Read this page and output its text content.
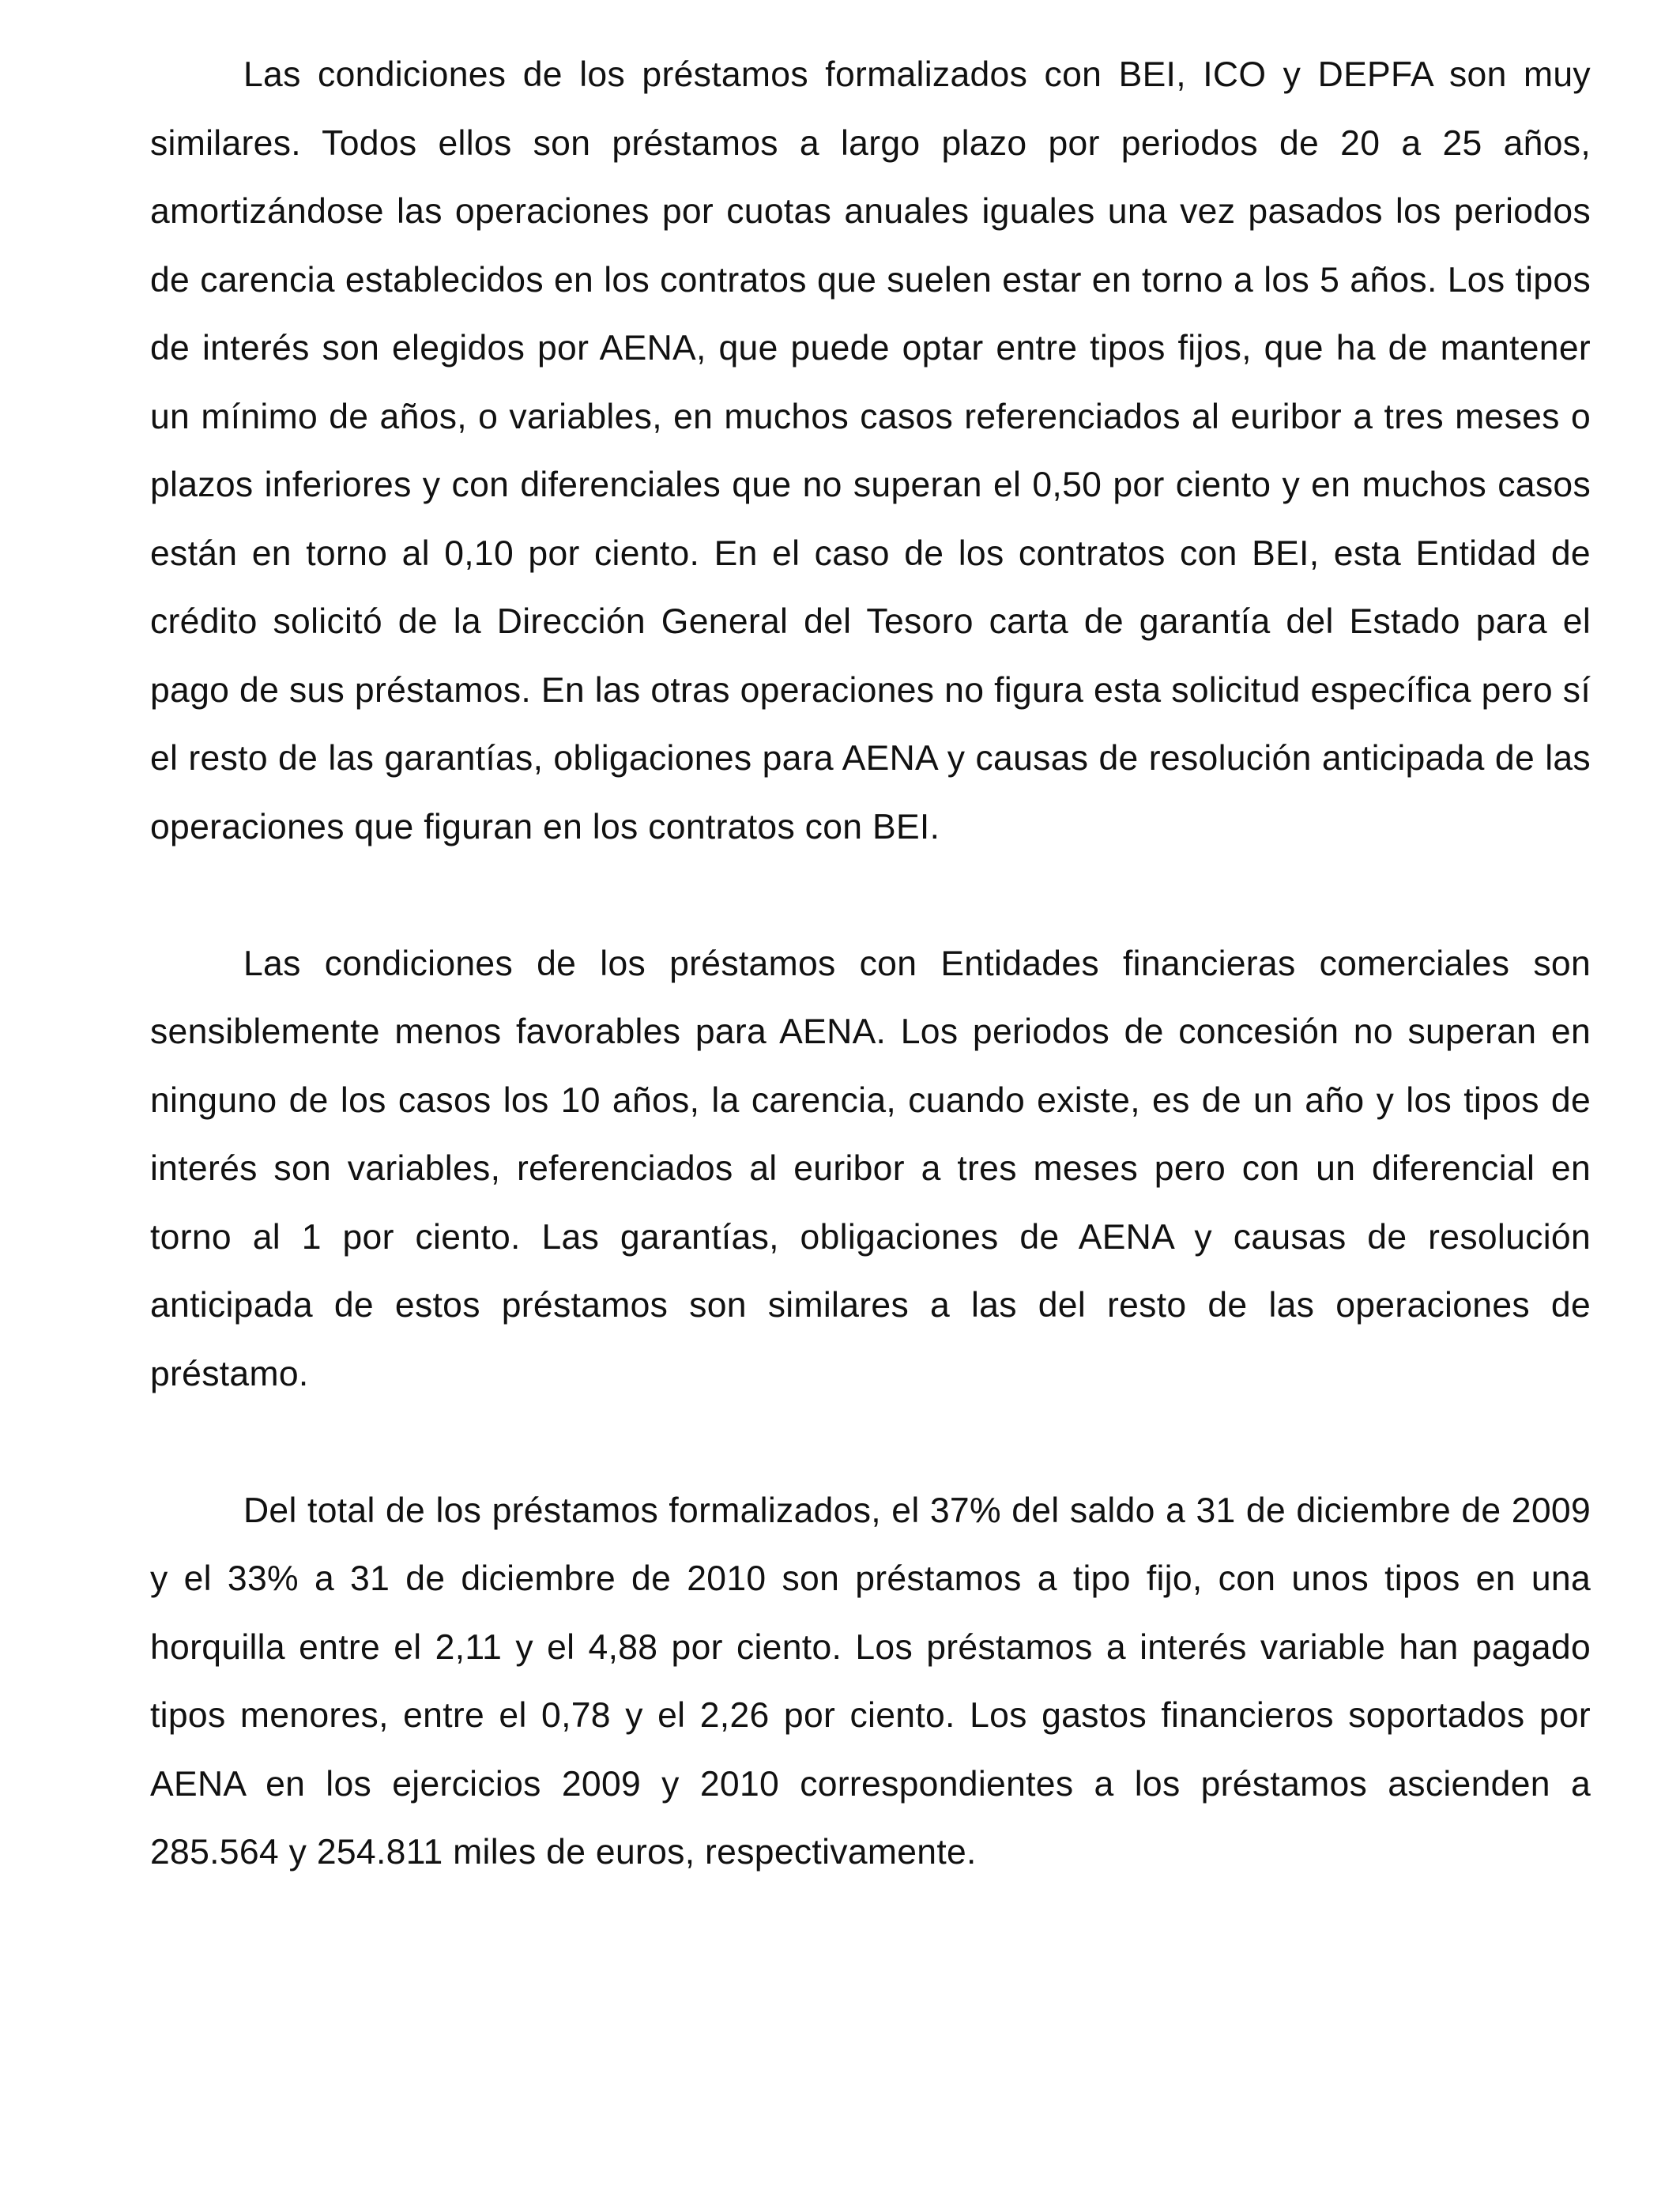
Las condiciones de los préstamos formalizados con BEI, ICO y DEPFA son muy similares. Todos ellos son préstamos a largo plazo por periodos de 20 a 25 años, amortizándose las operaciones por cuotas anuales iguales una vez pasados los periodos de carencia establecidos en los contratos que suelen estar en torno a los 5 años. Los tipos de interés son elegidos por AENA, que puede optar entre tipos fijos, que ha de mantener un mínimo de años, o variables, en muchos casos referenciados al euribor a tres meses o plazos inferiores y con diferenciales que no superan el 0,50 por ciento y en muchos casos están en torno al 0,10 por ciento. En el caso de los contratos con BEI, esta Entidad de crédito solicitó de la Dirección General del Tesoro carta de garantía del Estado para el pago de sus préstamos. En las otras operaciones no figura esta solicitud específica pero sí el resto de las garantías, obligaciones para AENA y causas de resolución anticipada de las operaciones que figuran en los contratos con BEI.

Las condiciones de los préstamos con Entidades financieras comerciales son sensiblemente menos favorables para AENA. Los periodos de concesión no superan en ninguno de los casos los 10 años, la carencia, cuando existe, es de un año y los tipos de interés son variables, referenciados al euribor a tres meses pero con un diferencial en torno al 1 por ciento. Las garantías, obligaciones de AENA y causas de resolución anticipada de estos préstamos son similares a las del resto de las operaciones de préstamo.

Del total de los préstamos formalizados, el 37% del saldo a 31 de diciembre de 2009 y el 33% a 31 de diciembre de 2010 son préstamos a tipo fijo, con unos tipos en una horquilla entre el 2,11 y el 4,88 por ciento. Los préstamos a interés variable han pagado tipos menores, entre el 0,78 y el 2,26 por ciento. Los gastos financieros soportados por AENA en los ejercicios 2009 y 2010 correspondientes a los préstamos ascienden a 285.564 y 254.811 miles de euros, respectivamente.
